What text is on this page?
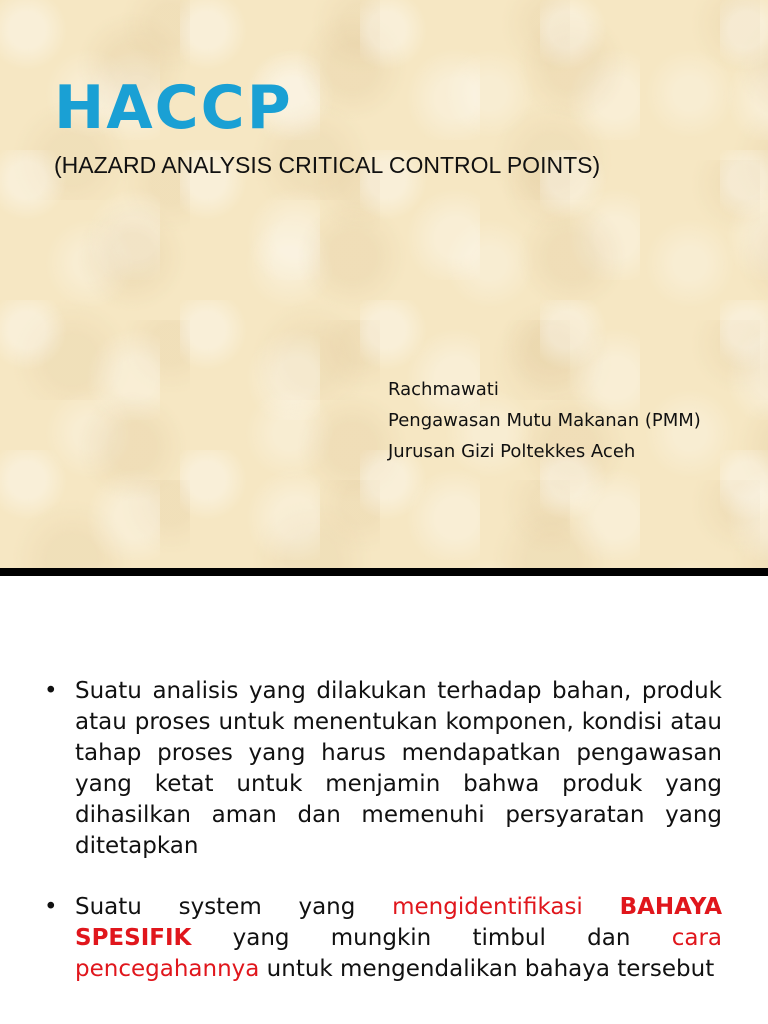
HACCP

(HAZARD ANALYSIS CRITICAL CONTROL POINTS)

Rachmawati
Pengawasan Mutu Makanan (PMM)
Jurusan Gizi Poltekkes Aceh
• Suatu analisis yang dilakukan terhadap bahan, produk atau proses untuk menentukan komponen, kondisi atau tahap proses yang harus mendapatkan pengawasan yang ketat untuk menjamin bahwa produk yang dihasilkan aman dan memenuhi persyaratan yang ditetapkan
• Suatu system yang mengidentifikasi BAHAYA SPESIFIK yang mungkin timbul dan cara pencegahannya untuk mengendalikan bahaya tersebut
